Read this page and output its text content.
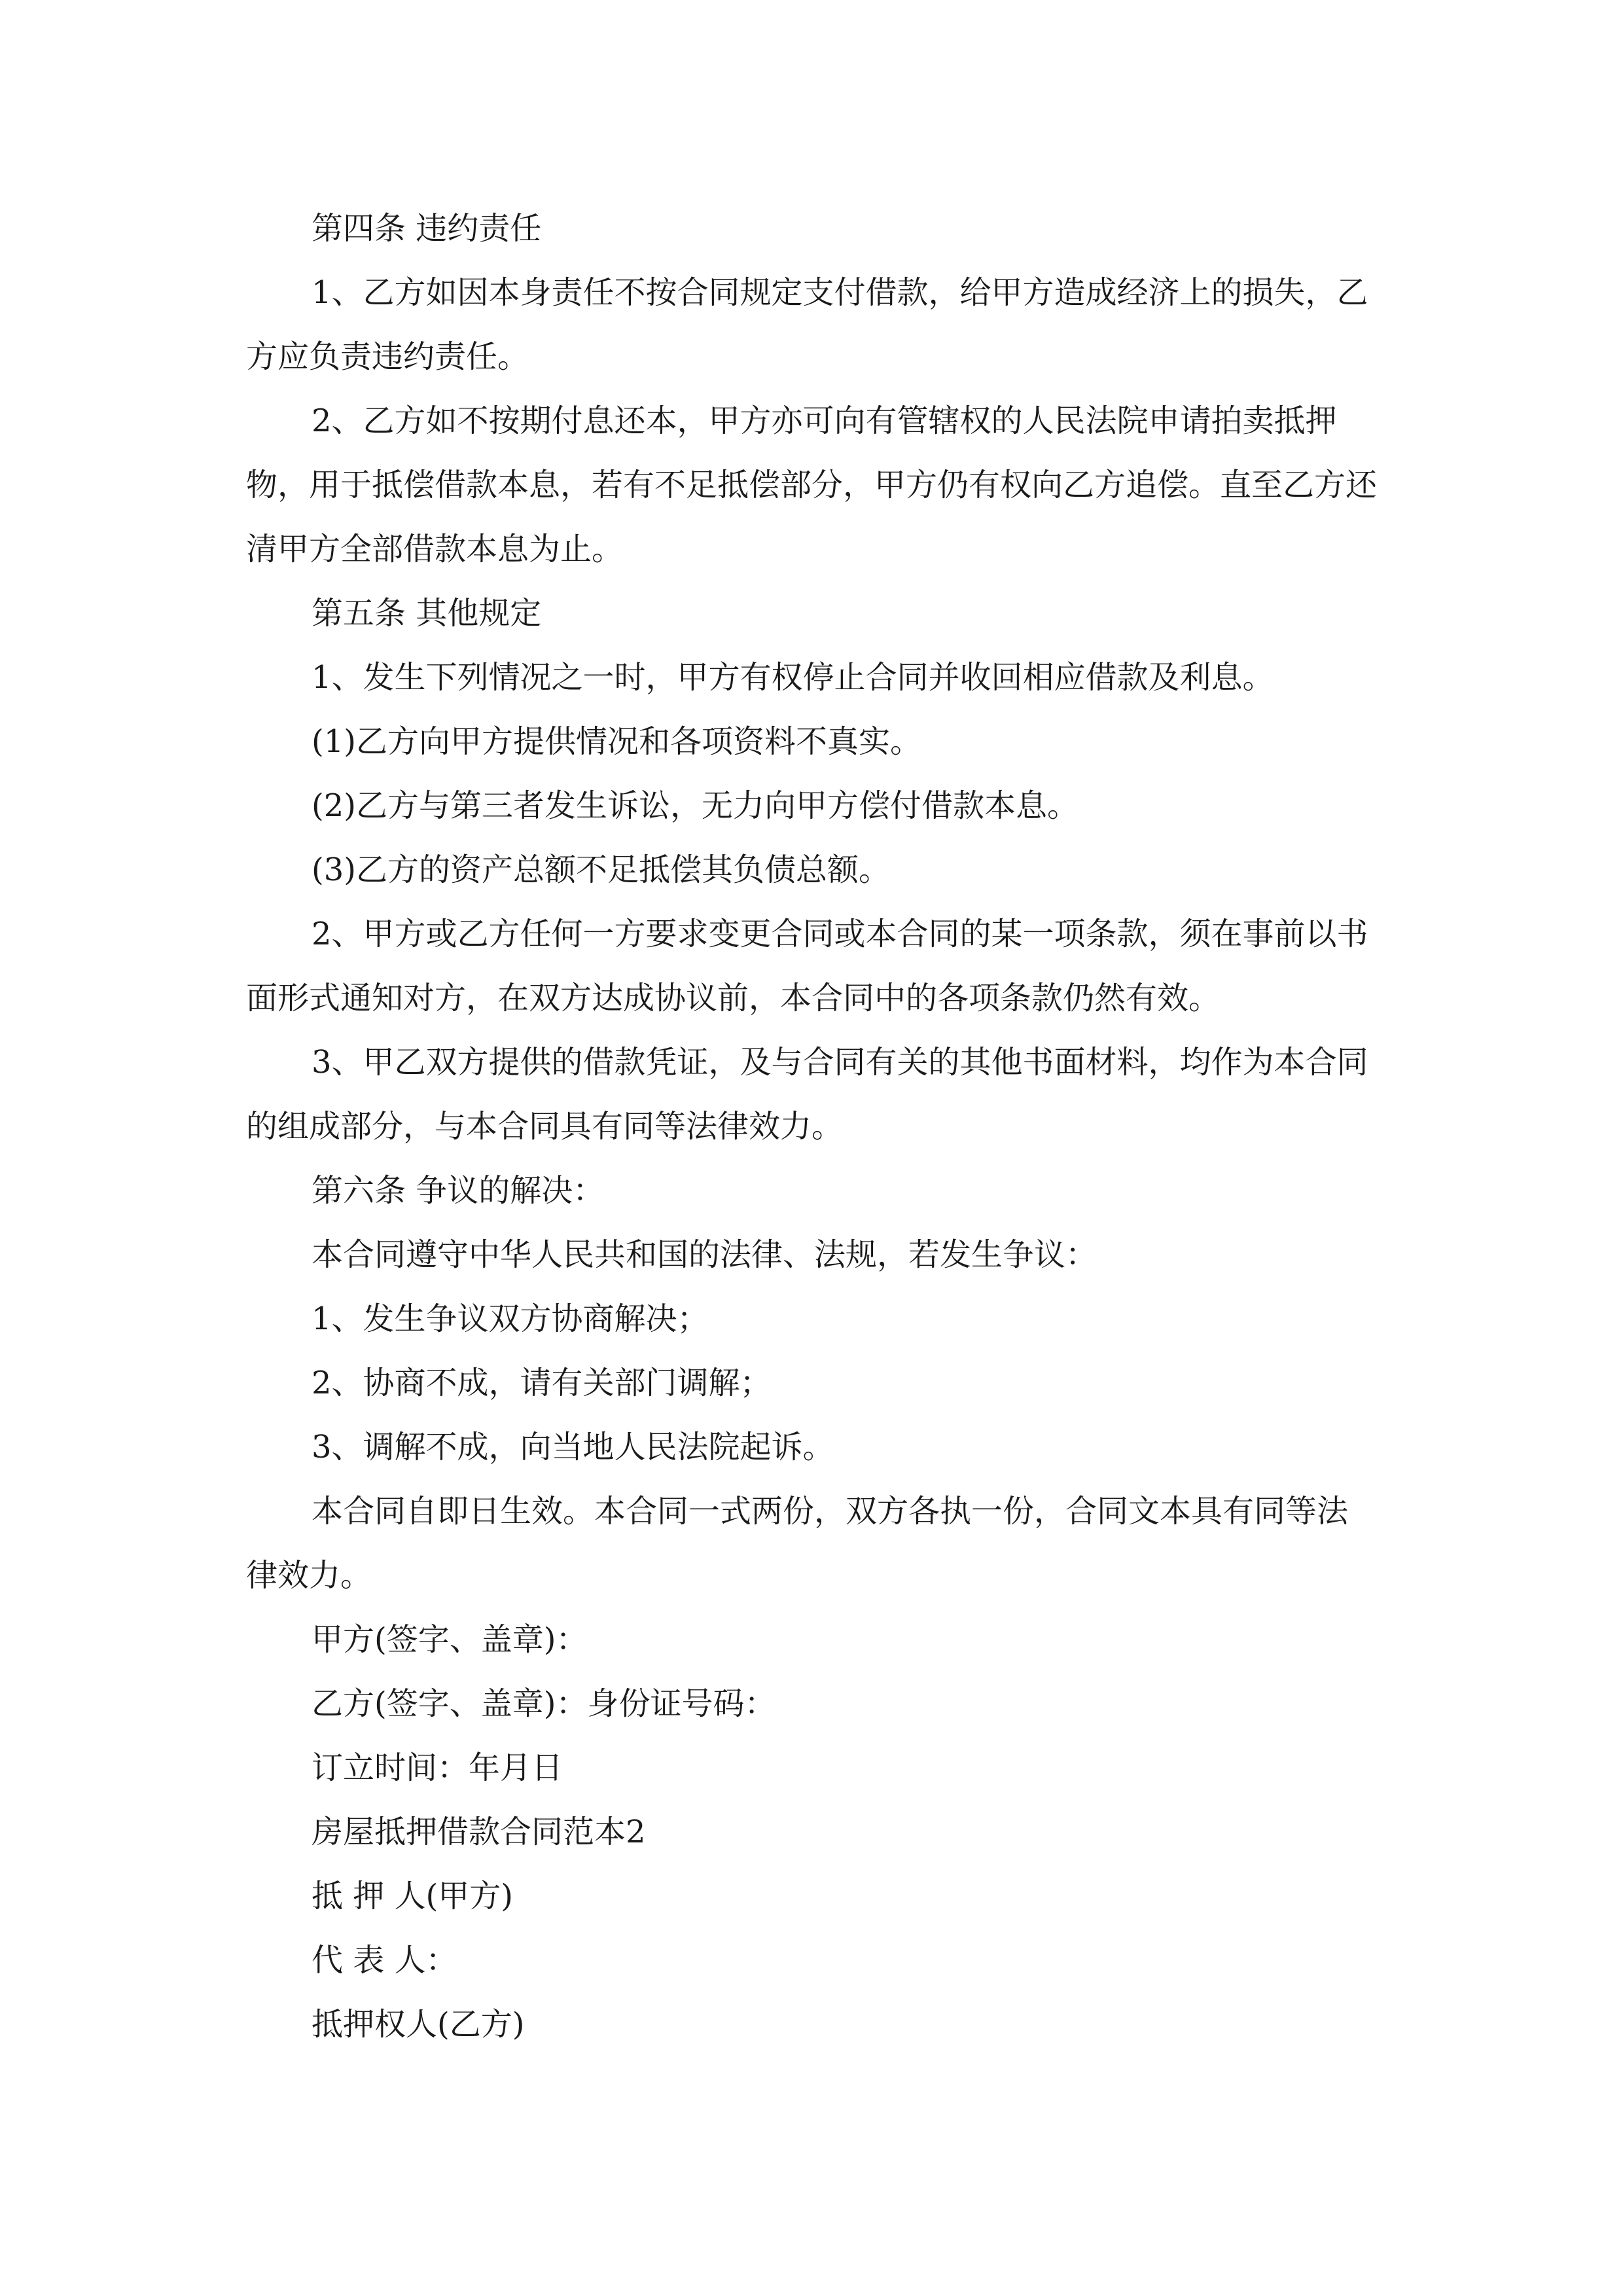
第四条 违约责任

1、乙方如因本身责任不按合同规定支付借款，给甲方造成经济上的损失，乙方应负责违约责任。

2、乙方如不按期付息还本，甲方亦可向有管辖权的人民法院申请拍卖抵押物，用于抵偿借款本息，若有不足抵偿部分，甲方仍有权向乙方追偿。直至乙方还清甲方全部借款本息为止。

第五条 其他规定

1、发生下列情况之一时，甲方有权停止合同并收回相应借款及利息。

(1)乙方向甲方提供情况和各项资料不真实。

(2)乙方与第三者发生诉讼，无力向甲方偿付借款本息。

(3)乙方的资产总额不足抵偿其负债总额。

2、甲方或乙方任何一方要求变更合同或本合同的某一项条款，须在事前以书面形式通知对方，在双方达成协议前，本合同中的各项条款仍然有效。

3、甲乙双方提供的借款凭证，及与合同有关的其他书面材料，均作为本合同的组成部分，与本合同具有同等法律效力。

第六条 争议的解决：

本合同遵守中华人民共和国的法律、法规，若发生争议：

1、发生争议双方协商解决；

2、协商不成，请有关部门调解；

3、调解不成，向当地人民法院起诉。

本合同自即日生效。本合同一式两份，双方各执一份，合同文本具有同等法律效力。

甲方(签字、盖章)：

乙方(签字、盖章)：身份证号码：

订立时间：年月日

房屋抵押借款合同范本2

抵 押 人(甲方)

代 表 人：

抵押权人(乙方)
